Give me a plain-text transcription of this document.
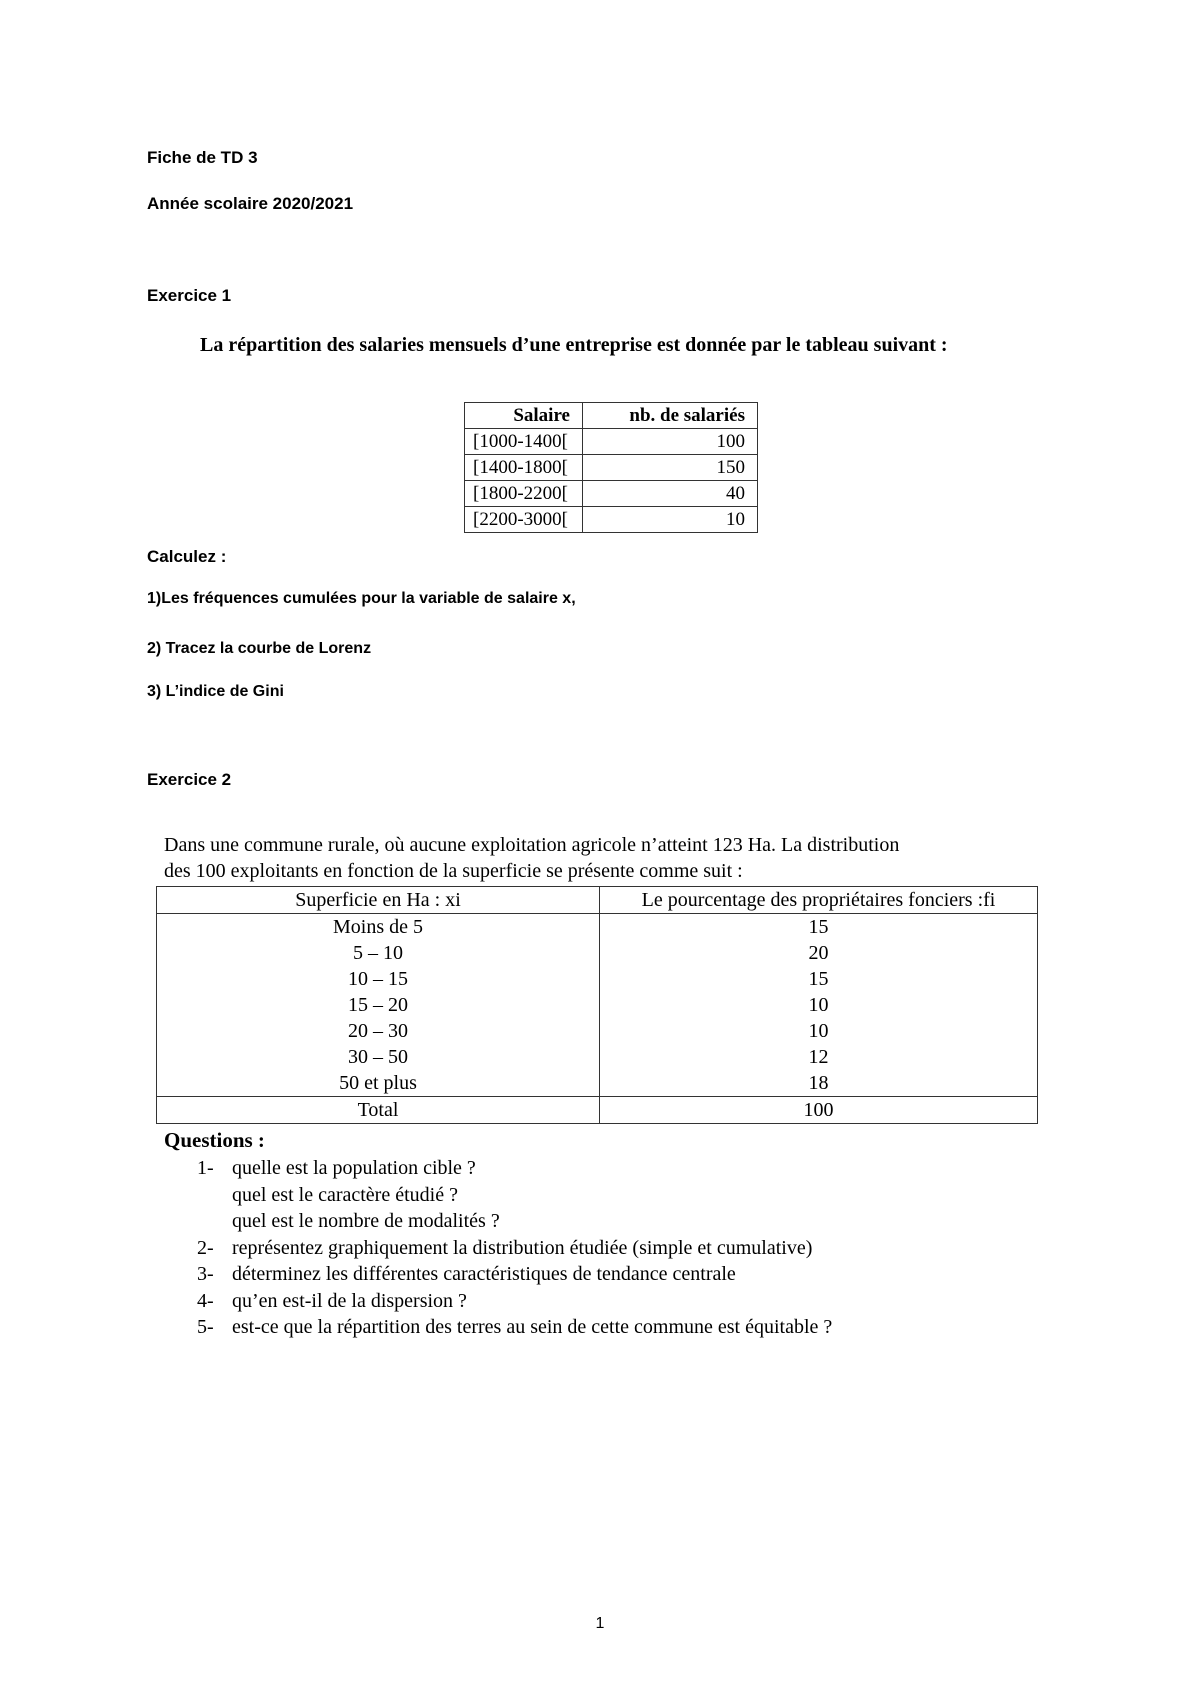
Fiche de TD 3
Année scolaire 2020/2021
Exercice 1

La répartition des salaries mensuels d’une entreprise est donnée par le tableau suivant :

Salaire	nb. de salariés
[1000-1400[	100
[1400-1800[	150
[1800-2200[	40
[2200-3000[	10
Calculez :
1)Les fréquences cumulées pour la variable de salaire x,
2) Tracez la courbe de Lorenz
3) L’indice de Gini
Exercice 2
Dans une commune rurale, où aucune exploitation agricole n’atteint 123 Ha. La distribution
des 100 exploitants en fonction de la superficie se présente comme suit :
Superficie en Ha : xi	Le pourcentage des propriétaires fonciers :fi
Moins de 5	15
5 – 10	20
10 – 15	15
15 – 20	10
20 – 30	10
30 – 50	12
50 et plus	18
Total	100
Questions :
1- quelle est la population cible ?
quel est le caractère étudié ?
quel est le nombre de modalités ?
2- représentez graphiquement la distribution étudiée (simple et cumulative)
3- déterminez les différentes caractéristiques de tendance centrale
4- qu’en est-il de la dispersion ?
5- est-ce que la répartition des terres au sein de cette commune est équitable ?
1
